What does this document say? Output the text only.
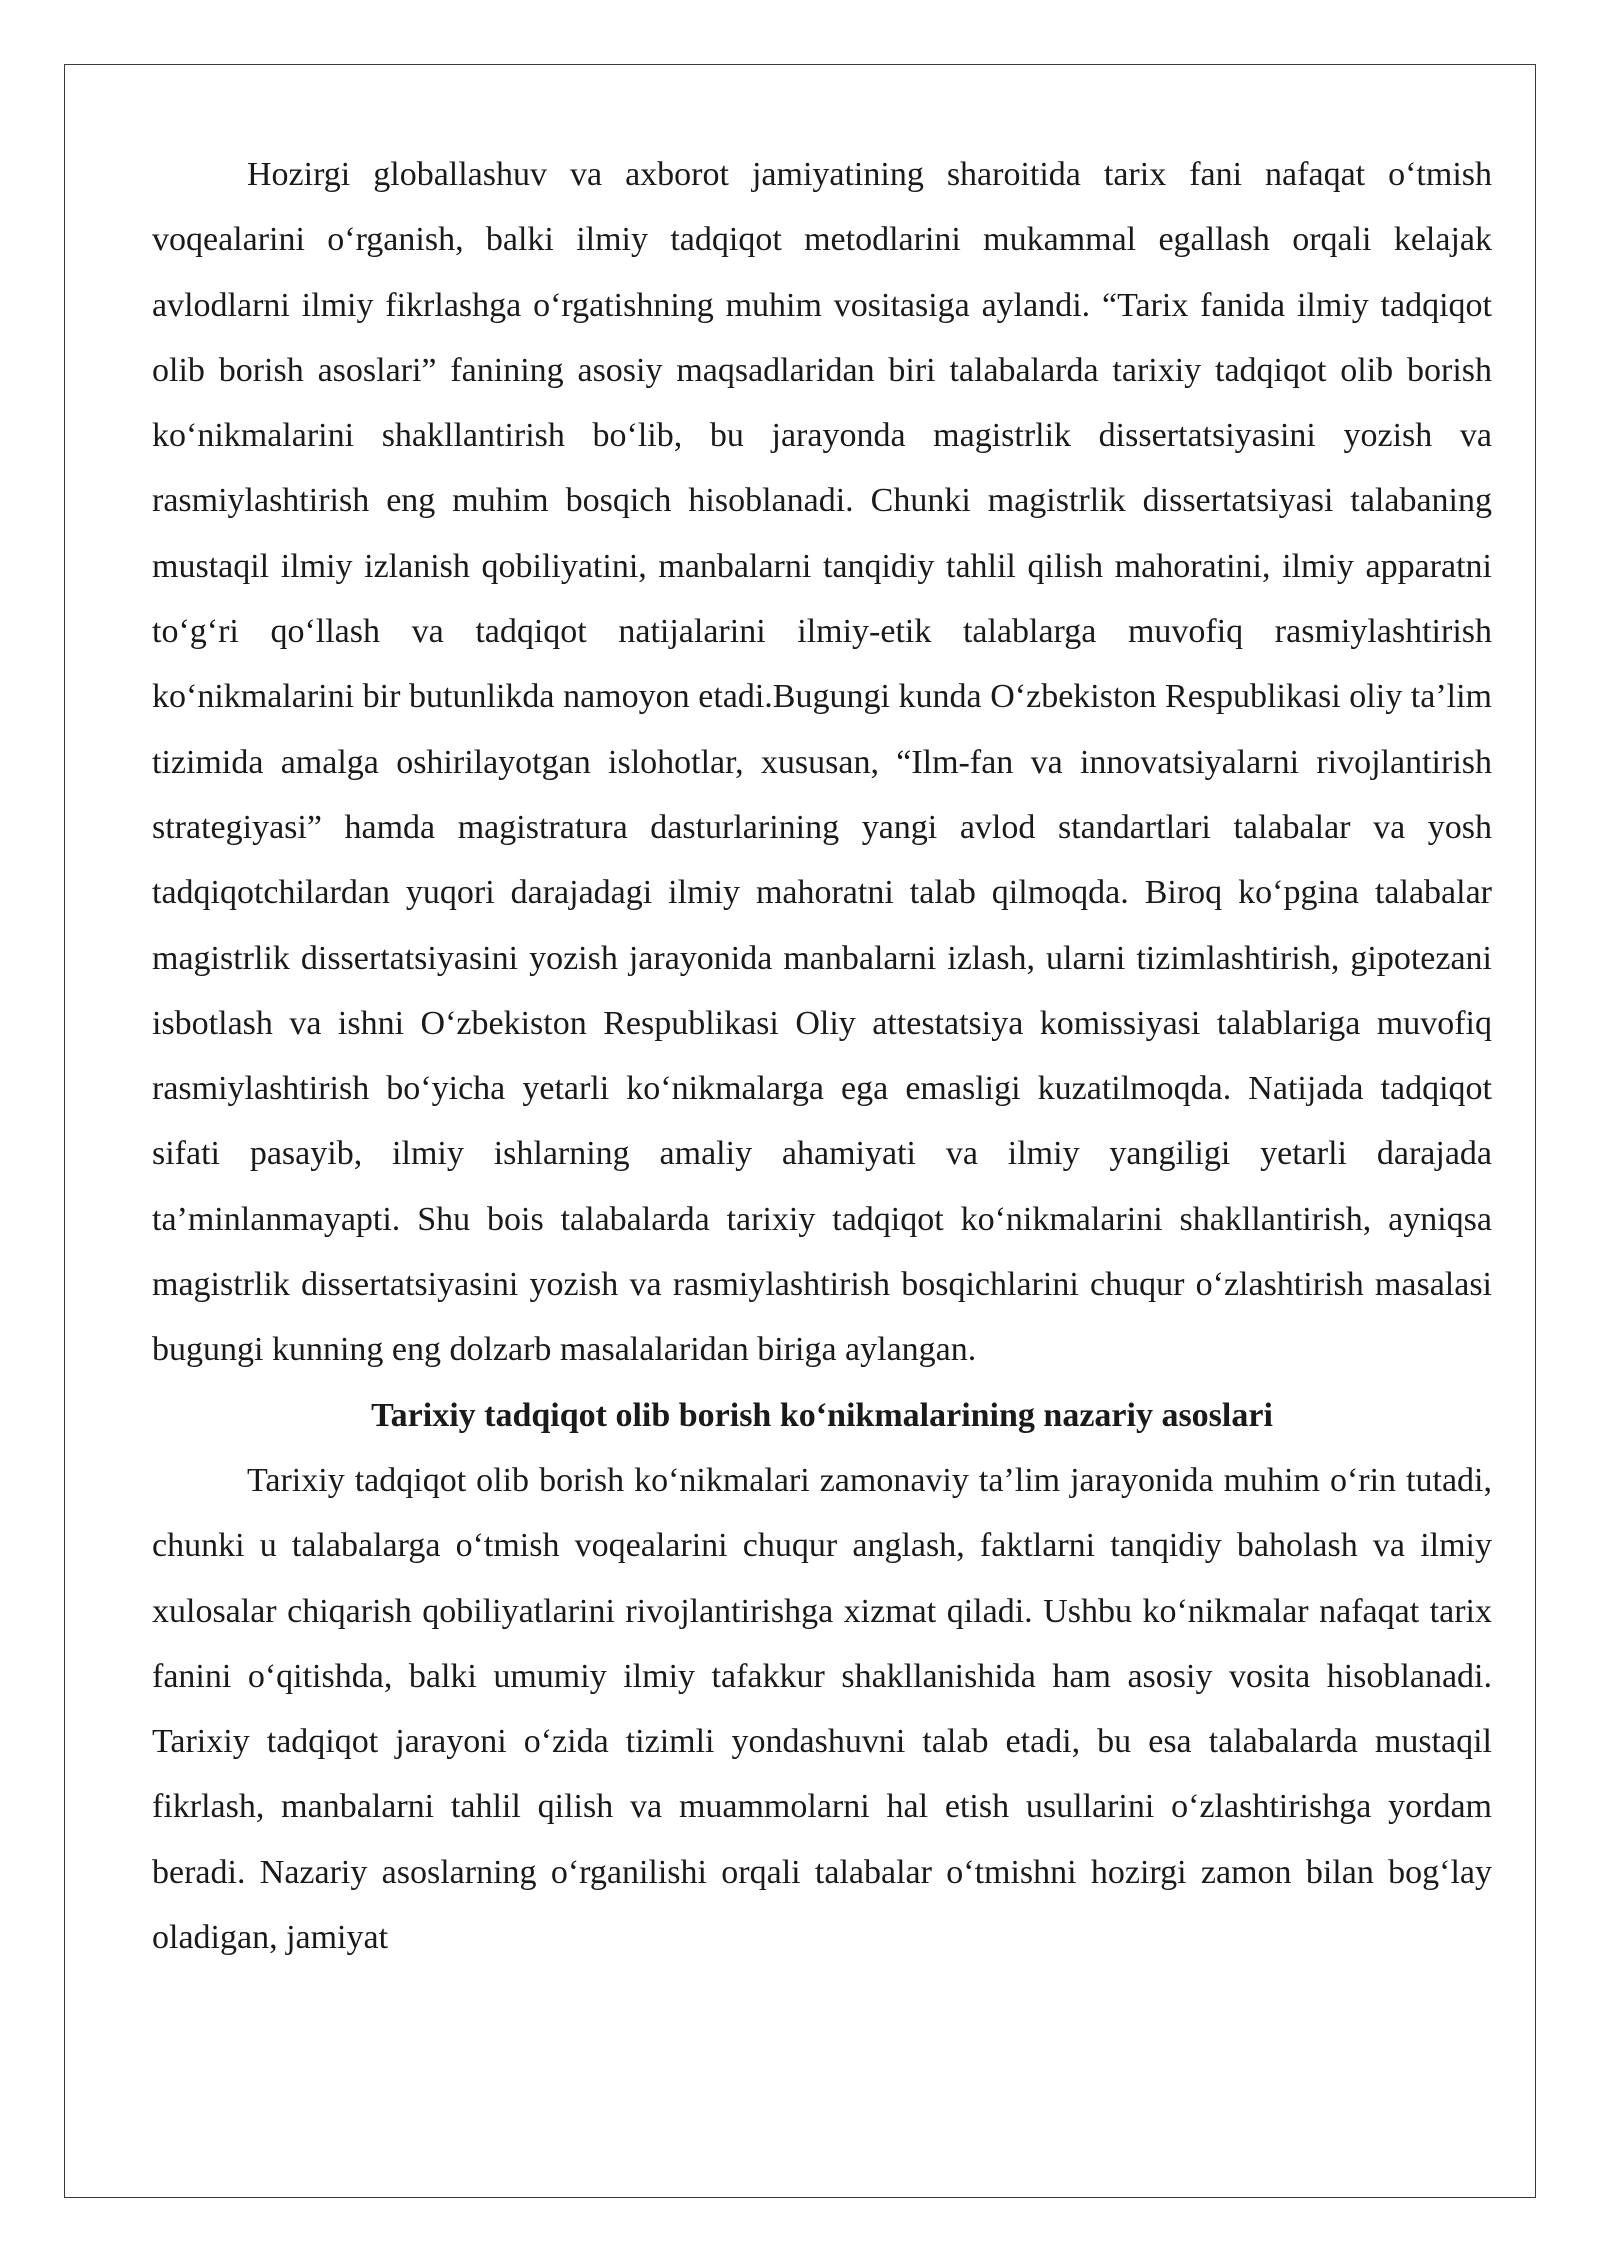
Hozirgi globallashuv va axborot jamiyatining sharoitida tarix fani nafaqat o‘tmish voqealarini o‘rganish, balki ilmiy tadqiqot metodlarini mukammal egallash orqali kelajak avlodlarni ilmiy fikrlashga o‘rgatishning muhim vositasiga aylandi. “Tarix fanida ilmiy tadqiqot olib borish asoslari” fanining asosiy maqsadlaridan biri talabalarda tarixiy tadqiqot olib borish ko‘nikmalarini shakllantirish bo‘lib, bu jarayonda magistrlik dissertatsiyasini yozish va rasmiylashtirish eng muhim bosqich hisoblanadi. Chunki magistrlik dissertatsiyasi talabaning mustaqil ilmiy izlanish qobiliyatini, manbalarni tanqidiy tahlil qilish mahoratini, ilmiy apparatni to‘g‘ri qo‘llash va tadqiqot natijalarini ilmiy-etik talablarga muvofiq rasmiylashtirish ko‘nikmalarini bir butunlikda namoyon etadi.Bugungi kunda O‘zbekiston Respublikasi oliy ta’lim tizimida amalga oshirilayotgan islohotlar, xususan, “Ilm-fan va innovatsiyalarni rivojlantirish strategiyasi” hamda magistratura dasturlarining yangi avlod standartlari talabalar va yosh tadqiqotchilardan yuqori darajadagi ilmiy mahoratni talab qilmoqda. Biroq ko‘pgina talabalar magistrlik dissertatsiyasini yozish jarayonida manbalarni izlash, ularni tizimlashtirish, gipotezani isbotlash va ishni O‘zbekiston Respublikasi Oliy attestatsiya komissiyasi talablariga muvofiq rasmiylashtirish bo‘yicha yetarli ko‘nikmalarga ega emasligi kuzatilmoqda. Natijada tadqiqot sifati pasayib, ilmiy ishlarning amaliy ahamiyati va ilmiy yangiligi yetarli darajada ta’minlanmayapti. Shu bois talabalarda tarixiy tadqiqot ko‘nikmalarini shakllantirish, ayniqsa magistrlik dissertatsiyasini yozish va rasmiylashtirish bosqichlarini chuqur o‘zlashtirish masalasi bugungi kunning eng dolzarb masalalaridan biriga aylangan.

Tarixiy tadqiqot olib borish ko‘nikmalarining nazariy asoslari

Tarixiy tadqiqot olib borish ko‘nikmalari zamonaviy ta’lim jarayonida muhim o‘rin tutadi, chunki u talabalarga o‘tmish voqealarini chuqur anglash, faktlarni tanqidiy baholash va ilmiy xulosalar chiqarish qobiliyatlarini rivojlantirishga xizmat qiladi. Ushbu ko‘nikmalar nafaqat tarix fanini o‘qitishda, balki umumiy ilmiy tafakkur shakllanishida ham asosiy vosita hisoblanadi. Tarixiy tadqiqot jarayoni o‘zida tizimli yondashuvni talab etadi, bu esa talabalarda mustaqil fikrlash, manbalarni tahlil qilish va muammolarni hal etish usullarini o‘zlashtirishga yordam beradi. Nazariy asoslarning o‘rganilishi orqali talabalar o‘tmishni hozirgi zamon bilan bog‘lay oladigan, jamiyat
